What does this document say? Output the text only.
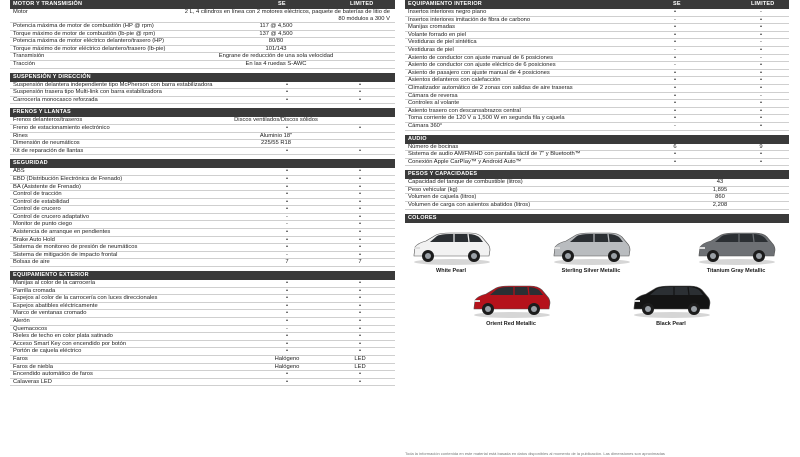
MOTOR Y TRANSMISIÓN	SE	LIMITED
Motor	2 L, 4 cilindros en línea con 2 motores eléctricos, paquete de baterías de litio de 80 módulos a 300 V
Potencia máxima de motor de combustión (HP @ rpm)	117 @ 4,500
Torque máximo de motor de combustión (lb-pie @ rpm)	137 @ 4,500
Potencia máxima de motor eléctrico delantero/trasero (HP)	80/80
Torque máximo de motor eléctrico delantero/trasero (lb-pie)	101/143
Transmisión	Engrane de reducción de una sola velocidad
Tracción	En las 4 ruedas S-AWC
SUSPENSIÓN Y DIRECCIÓN
Suspensión delantera independiente tipo McPherson con barra estabilizadora	•	•
Suspensión trasera tipo Multi-link con barra estabilizadora	•	•
Carrocería monocasco reforzada	•	•
FRENOS Y LLANTAS
Frenos delanteros/traseros	Discos ventilados/Discos sólidos
Freno de estacionamiento electrónico	•	•
Rines	Aluminio 18"
Dimensión de neumáticos	225/55 R18
Kit de reparación de llantas	•	•
SEGURIDAD
ABS	•	•
EBD (Distribución Electrónica de Frenado)	•	•
BA (Asistente de Frenado)	•	•
Control de tracción	•	•
Control de estabilidad	•	•
Control de crucero	•	•
Control de crucero adaptativo	-	•
Monitor de punto ciego	-	•
Asistencia de arranque en pendientes	•	•
Brake Auto Hold	•	•
Sistema de monitoreo de presión de neumáticos	•	•
Sistema de mitigación de impacto frontal	-	•
Bolsas de aire	7	7
EQUIPAMIENTO EXTERIOR
Manijas al color de la carrocería	•	•
Parrilla cromada	•	•
Espejos al color de la carrocería con luces direccionales	•	•
Espejos abatibles eléctricamente	•	•
Marco de ventanas cromado	•	•
Alerón	•	•
Quemacocos	-	•
Rieles de techo en color plata satinado	•	•
Acceso Smart Key con encendido por botón	•	•
Portón de cajuela eléctrico	•	•
Faros	Halógeno	LED
Faros de niebla	Halógeno	LED
Encendido automático de faros	•	•
Calaveras LED	•	•
EQUIPAMIENTO INTERIOR	SE	LIMITED
Insertos interiores negro piano	•	-
Insertos interiores imitación de fibra de carbono	-	•
Manijas cromadas	•	•
Volante forrado en piel	•	•
Vestiduras de piel sintética	•	-
Vestiduras de piel	-	•
Asiento de conductor con ajuste manual de 6 posiciones	•	-
Asiento de conductor con ajuste eléctrico de 6 posiciones	-	•
Asiento de pasajero con ajuste manual de 4 posiciones	•	•
Asientos delanteros con calefacción	•	•
Climatizador automático de 2 zonas con salidas de aire traseras	•	•
Cámara de reversa	•	-
Controles al volante	•	•
Asiento trasero con descansabrazos central	•	•
Toma corriente de 120 V a 1,500 W en segunda fila y cajuela	•	•
Cámara 360°	-	•
AUDIO
Número de bocinas	6	9
Sistema de audio AM/FM/HD con pantalla táctil de 7" y Bluetooth™	•	•
Conexión Apple CarPlay™ y Android Auto™	•	•
PESOS Y CAPACIDADES
Capacidad del tanque de combustible (litros)	43
Peso vehicular (kg)	1,895
Volumen de cajuela (litros)	860
Volumen de carga con asientos abatidos (litros)	2,208
COLORES
White Pearl	Sterling Silver Metallic	Titanium Gray Metallic
Orient Red Metallic	Black Pearl
Toda la información contenida en este material está basada en datos disponibles al momento de la publicación. Las dimensiones son aproximadas
